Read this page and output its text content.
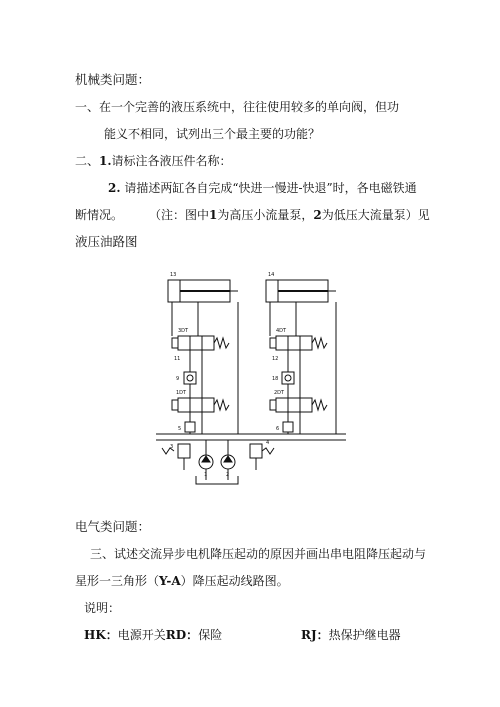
机械类问题：
一、在一个完善的液压系统中，往往使用较多的单向阀，但功
能义不相同，试列出三个最主要的功能？
二、1.请标注各液压件名称：
2. 请描述两缸各自完成“快进一慢进-快退”时，各电磁铁通
断情况。 （注：图中1为高压小流量泵，2为低压大流量泵）见
液压油路图
13	14
3DT	4DT
11	12
9	18
1DT	2DT
5	6
3
4
1	2
电气类问题：
三、试述交流异步电机降压起动的原因并画出串电阻降压起动与
星形一三角形（Y-A）降压起动线路图。
说明：
HK：电源开关RD：保险	RJ：热保护继电器
